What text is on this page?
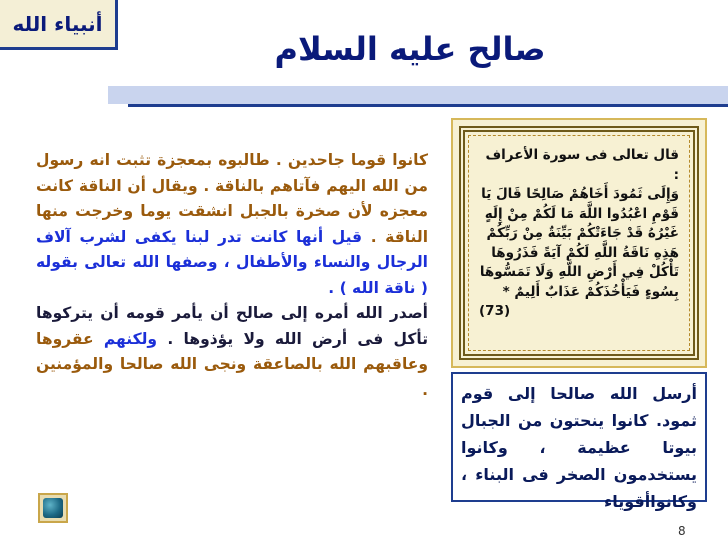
أنبياء الله
صالح عليه السلام

كانوا قوما جاحدين . طالبوه بمعجزة تثبت انه رسول من الله اليهم فآتاهم بالناقة . ويقال أن الناقة كانت معجزه لأن صخرة بالجبل انشقت يوما وخرجت منها الناقة . قيل أنها كانت تدر لبنا يكفى لشرب آلاف الرجال والنساء والأطفال ، وصفها الله تعالى بقوله ( ناقة الله ) .

أصدر الله أمره إلى صالح أن يأمر قومه أن يتركوها تأكل فى أرض الله ولا يؤذوها . ولكنهم عقروها وعاقبهم الله بالصاعقة ونجى الله صالحا والمؤمنين .

قال تعالى فى سورة الأعراف :
وَإِلَى ثَمُودَ أَخَاهُمْ صَالِحًا قَالَ يَا قَوْمِ اعْبُدُوا اللَّهَ مَا لَكُمْ مِنْ إِلَهٍ غَيْرُهُ قَدْ جَاءَتْكُمْ بَيِّنَةٌ مِنْ رَبِّكُمْ هَذِهِ نَاقَةُ اللَّهِ لَكُمْ آيَةً فَذَرُوهَا تَأْكُلْ فِي أَرْضِ اللَّهِ وَلَا تَمَسُّوهَا بِسُوءٍ فَيَأْخُذَكُمْ عَذَابٌ أَلِيمٌ *
(73)
أرسل الله صالحا إلى قوم ثمود. كانوا ينحتون من الجبال بيوتا عظيمة ، وكانوا يستخدمون الصخر فى البناء ، وكانواأقوياء
8
